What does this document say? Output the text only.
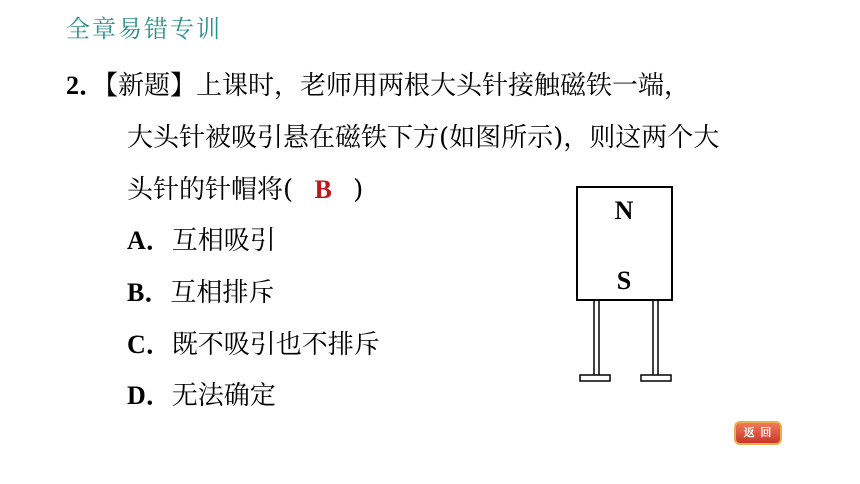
全章易错专训
2．【新题】上课时，老师用两根大头针接触磁铁一端，
大头针被吸引悬在磁铁下方(如图所示)，则这两个大
头针的针帽将( B )
A．互相吸引
B．互相排斥
C．既不吸引也不排斥
D．无法确定
N
S
返 回
